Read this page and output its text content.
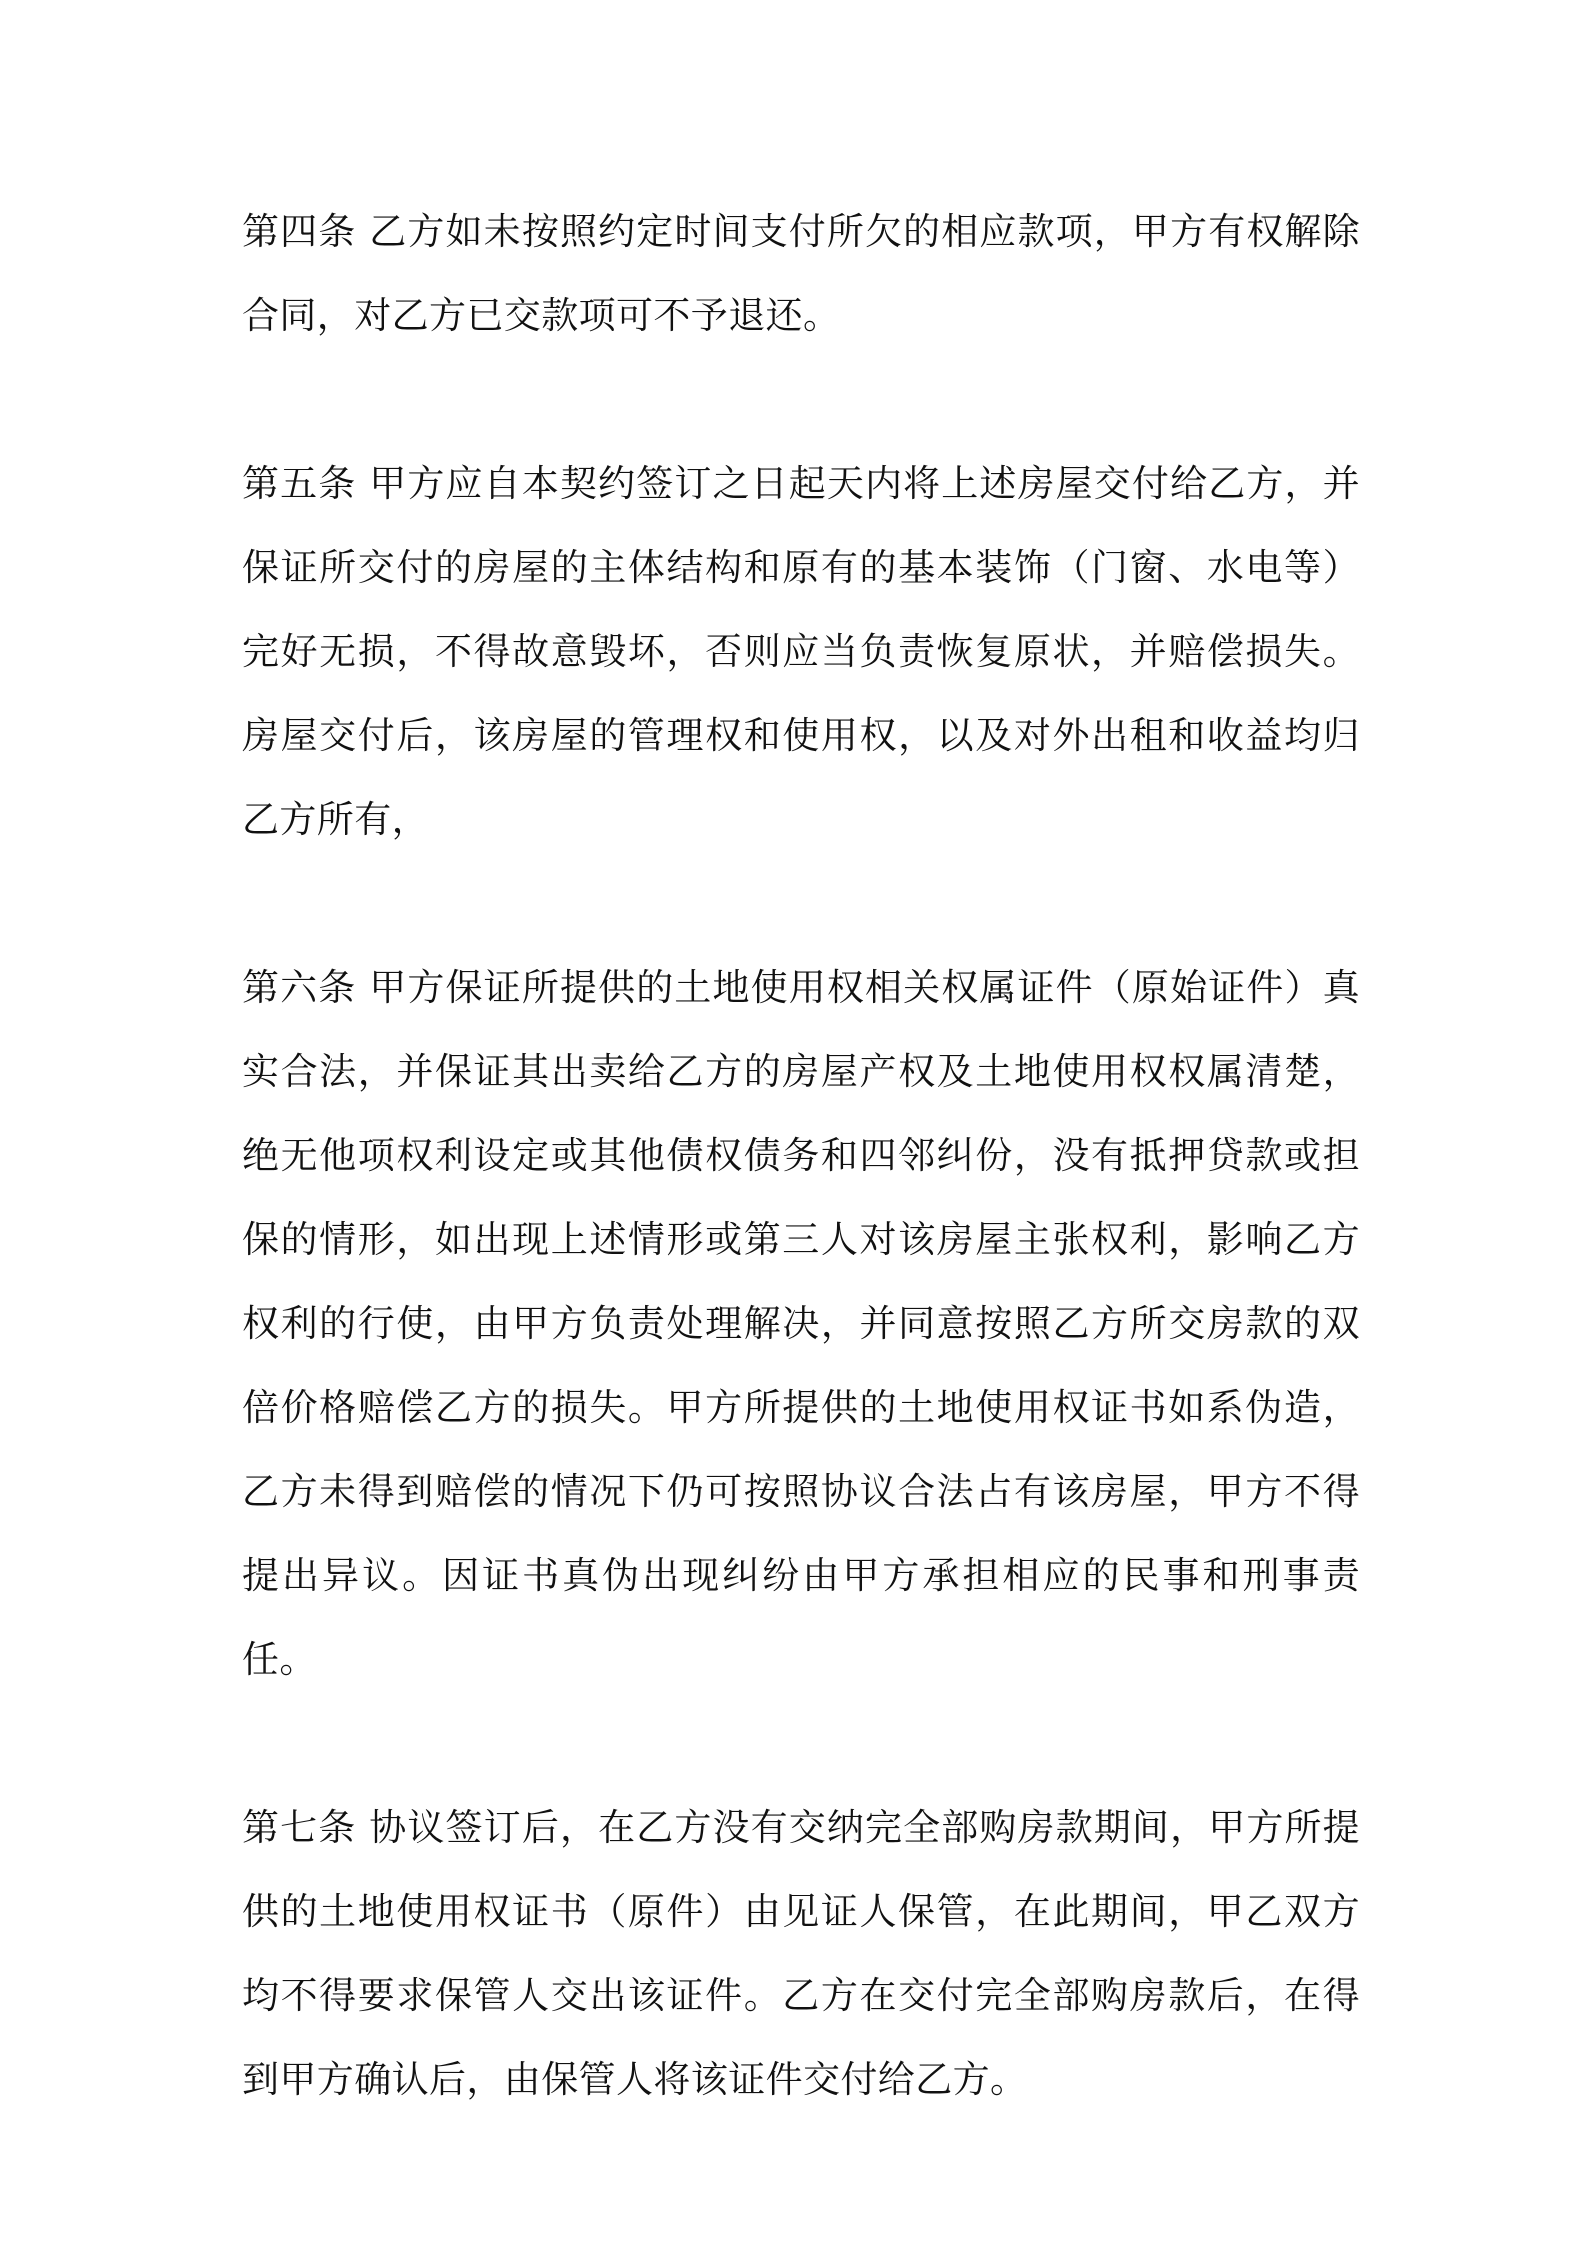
第四条 乙方如未按照约定时间支付所欠的相应款项，甲方有权解除合同，对乙方已交款项可不予退还。

第五条 甲方应自本契约签订之日起天内将上述房屋交付给乙方，并保证所交付的房屋的主体结构和原有的基本装饰（门窗、水电等）完好无损，不得故意毁坏，否则应当负责恢复原状，并赔偿损失。房屋交付后，该房屋的管理权和使用权，以及对外出租和收益均归乙方所有，

第六条 甲方保证所提供的土地使用权相关权属证件（原始证件）真实合法，并保证其出卖给乙方的房屋产权及土地使用权权属清楚，绝无他项权利设定或其他债权债务和四邻纠份，没有抵押贷款或担保的情形，如出现上述情形或第三人对该房屋主张权利，影响乙方权利的行使，由甲方负责处理解决，并同意按照乙方所交房款的双倍价格赔偿乙方的损失。甲方所提供的土地使用权证书如系伪造，乙方未得到赔偿的情况下仍可按照协议合法占有该房屋，甲方不得提出异议。因证书真伪出现纠纷由甲方承担相应的民事和刑事责任。

第七条 协议签订后，在乙方没有交纳完全部购房款期间，甲方所提供的土地使用权证书（原件）由见证人保管，在此期间，甲乙双方均不得要求保管人交出该证件。乙方在交付完全部购房款后，在得到甲方确认后，由保管人将该证件交付给乙方。
